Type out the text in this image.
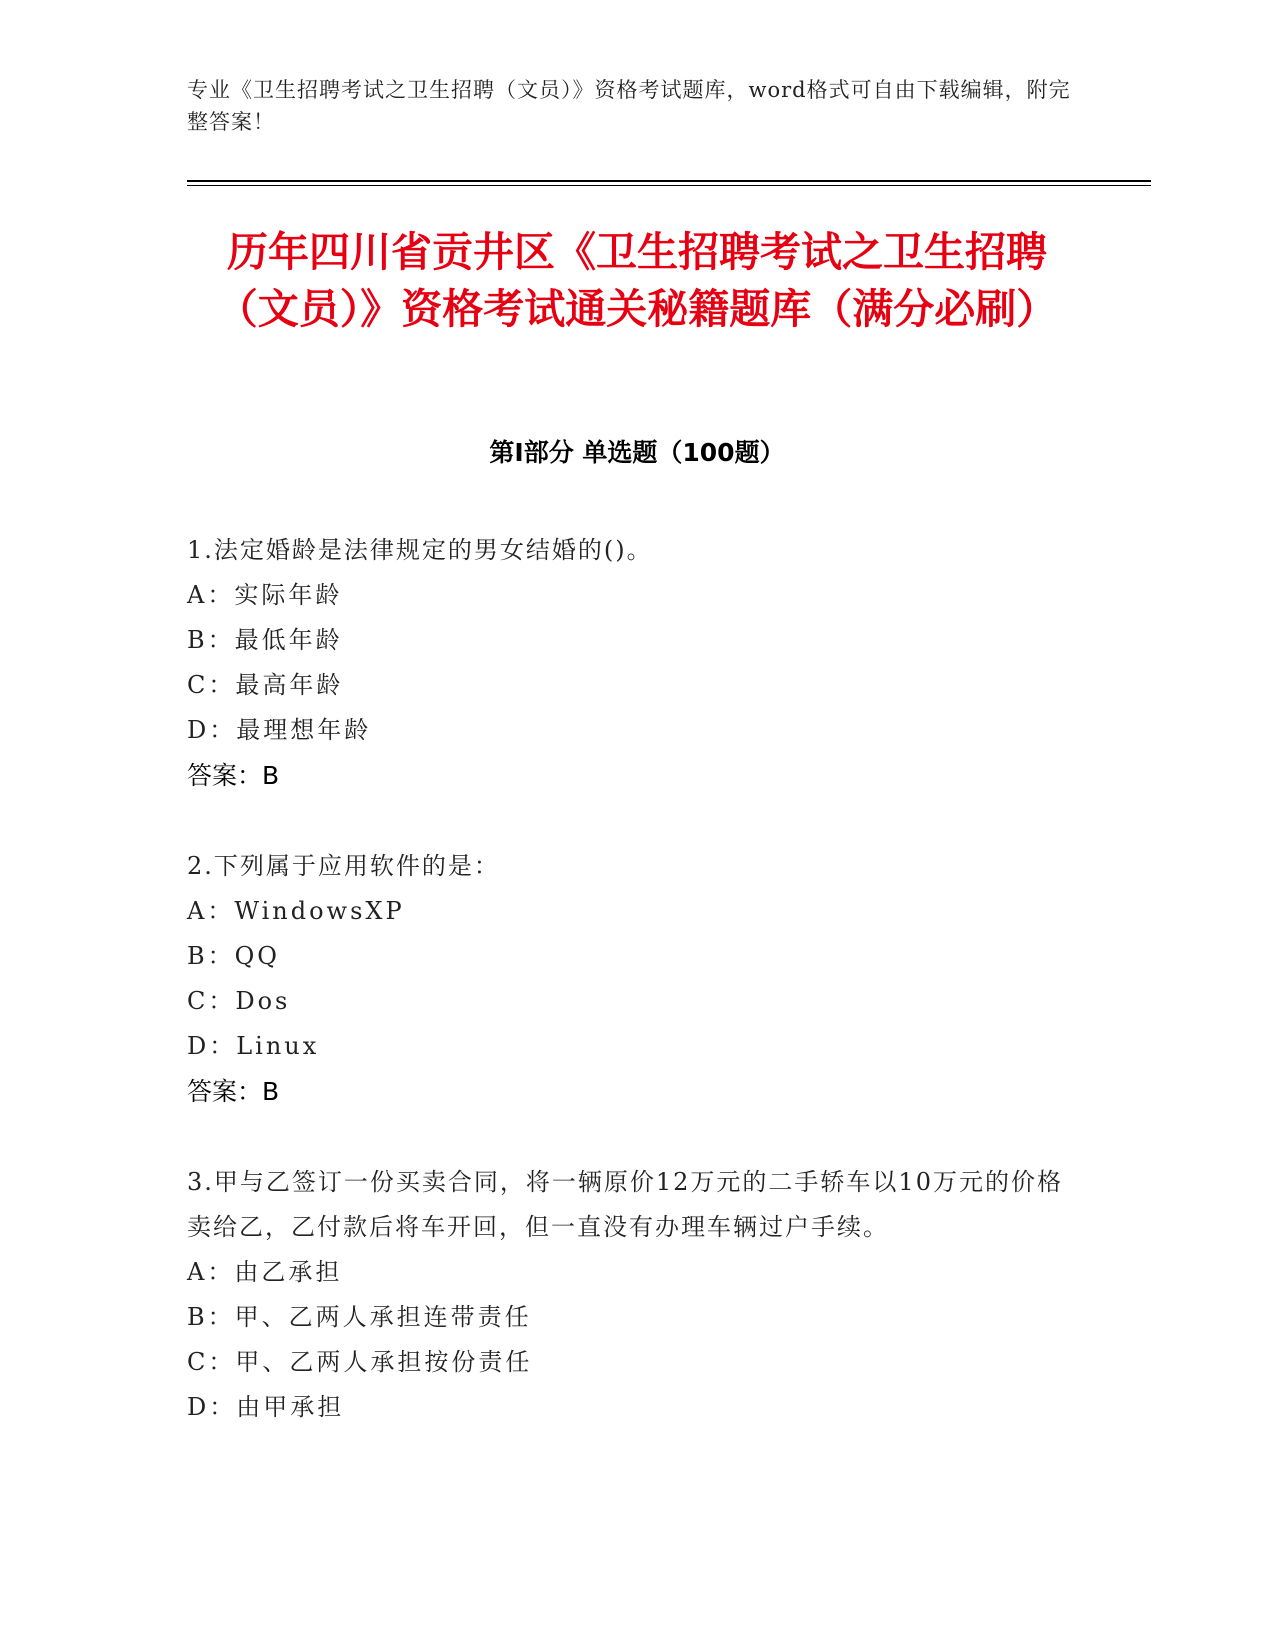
专业《卫生招聘考试之卫生招聘（文员）》资格考试题库，word格式可自由下载编辑，附完整答案！
历年四川省贡井区《卫生招聘考试之卫生招聘（文员）》资格考试通关秘籍题库（满分必刷）
第Ⅰ部分 单选题（100题）
1.法定婚龄是法律规定的男女结婚的()。
A：实际年龄
B：最低年龄
C：最高年龄
D：最理想年龄
答案：B
2.下列属于应用软件的是：
A：WindowsXP
B：QQ
C：Dos
D：Linux
答案：B
3.甲与乙签订一份买卖合同，将一辆原价12万元的二手轿车以10万元的价格卖给乙，乙付款后将车开回，但一直没有办理车辆过户手续。
A：由乙承担
B：甲、乙两人承担连带责任
C：甲、乙两人承担按份责任
D：由甲承担
